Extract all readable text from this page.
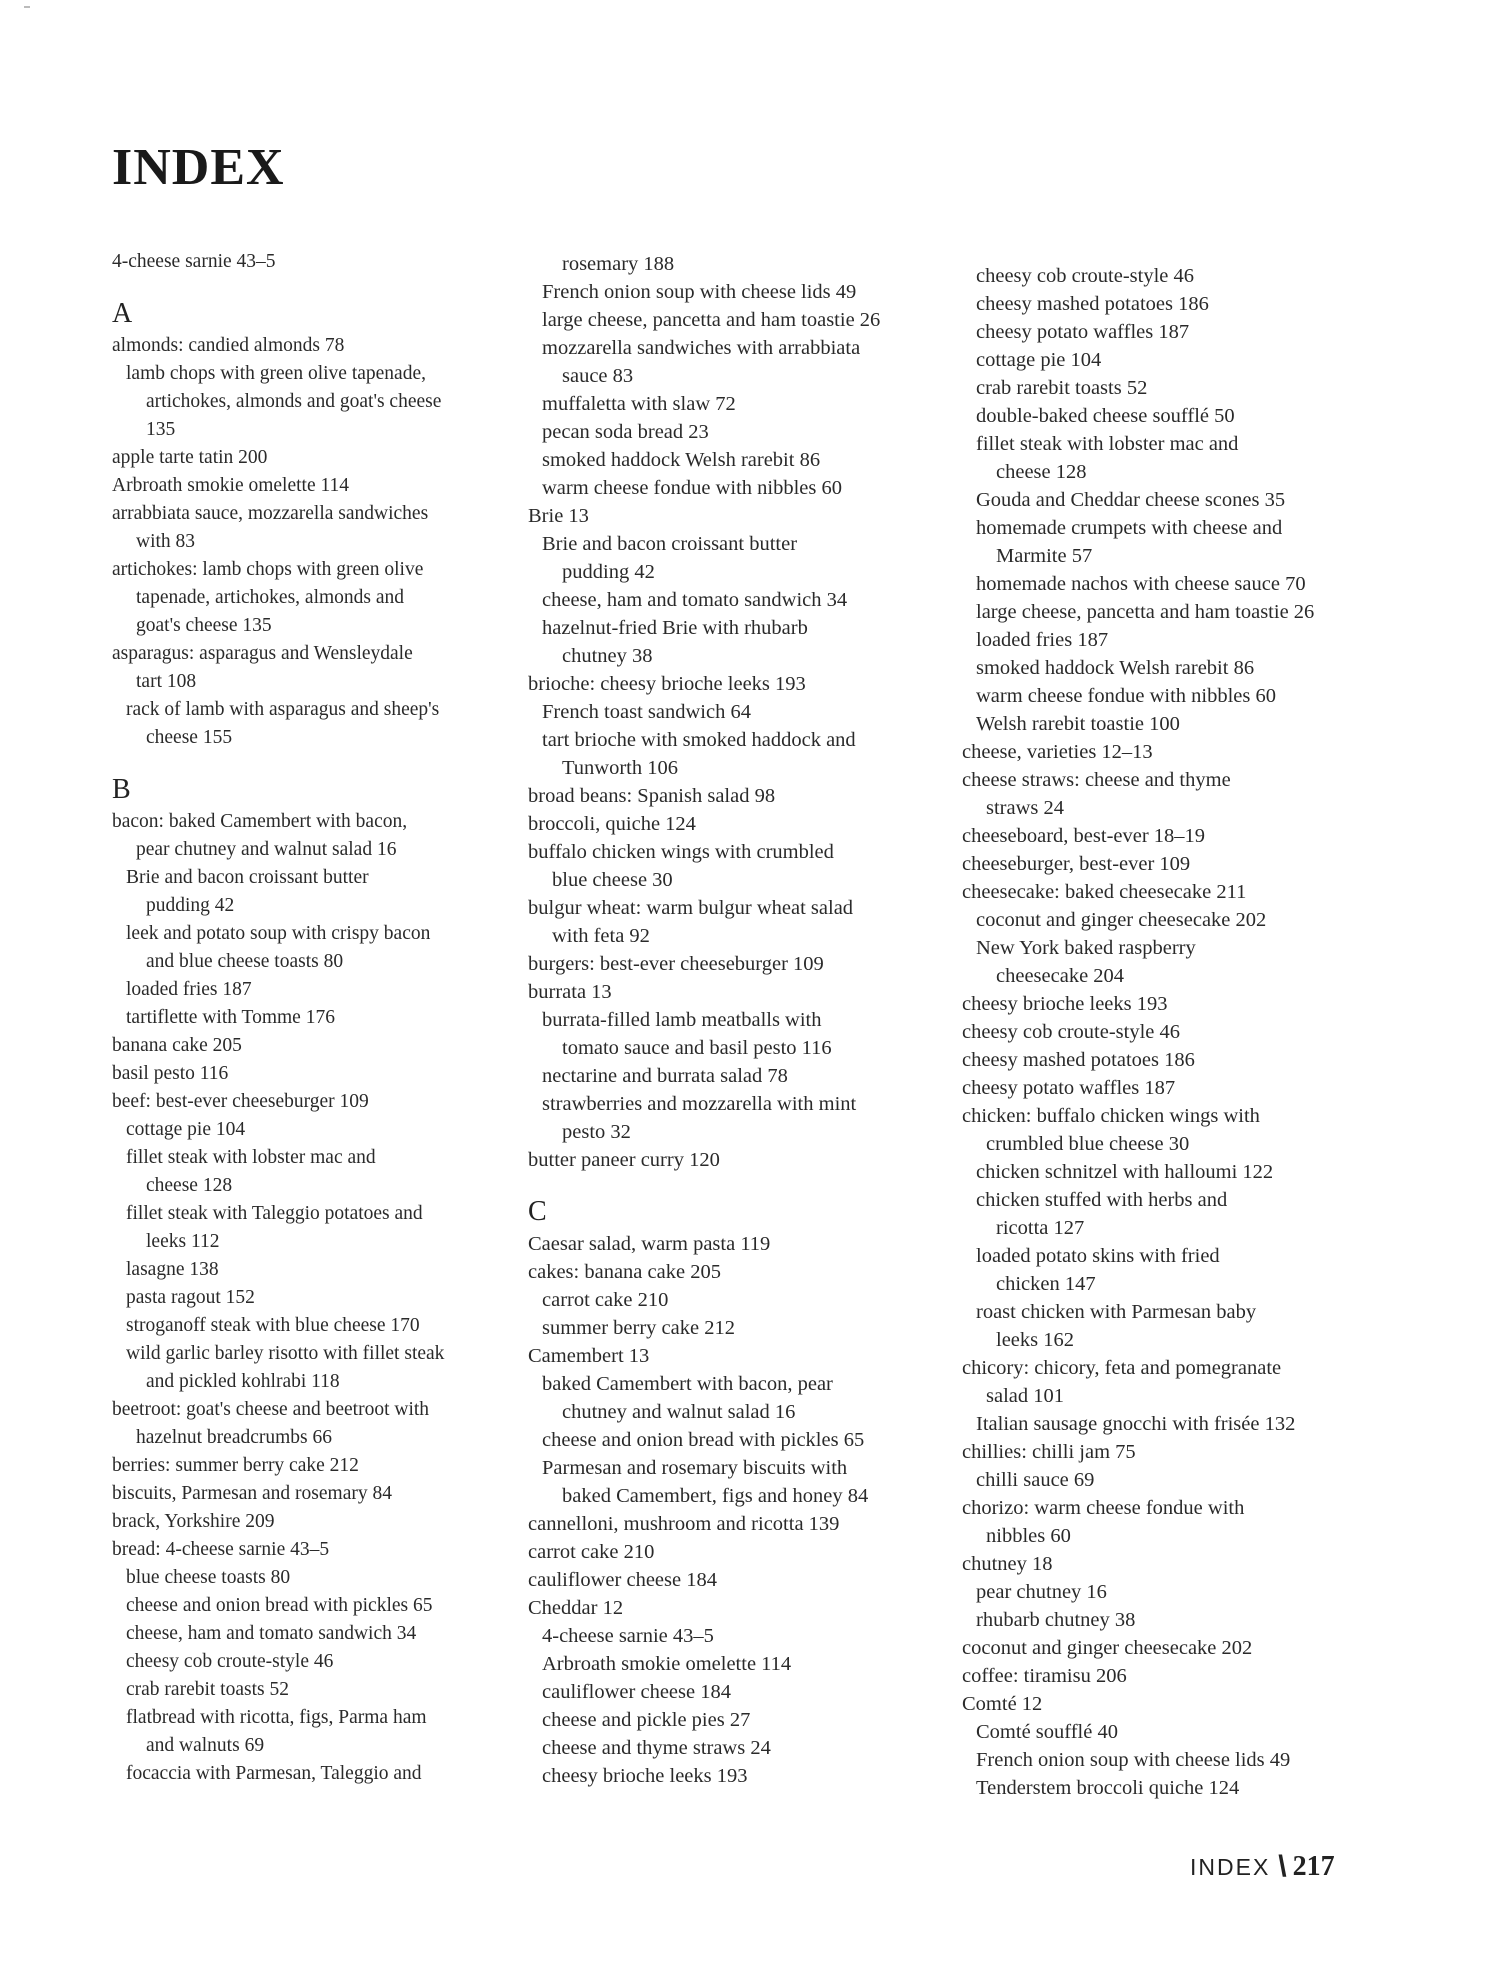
INDEX
4-cheese sarnie 43–5
A
almonds: candied almonds 78
lamb chops with green olive tapenade,
artichokes, almonds and goat's cheese
135
apple tarte tatin 200
Arbroath smokie omelette 114
arrabbiata sauce, mozzarella sandwiches
with 83
artichokes: lamb chops with green olive
tapenade, artichokes, almonds and
goat's cheese 135
asparagus: asparagus and Wensleydale
tart 108
rack of lamb with asparagus and sheep's
cheese 155
B
bacon: baked Camembert with bacon,
pear chutney and walnut salad 16
Brie and bacon croissant butter
pudding 42
leek and potato soup with crispy bacon
and blue cheese toasts 80
loaded fries 187
tartiflette with Tomme 176
banana cake 205
basil pesto 116
beef: best-ever cheeseburger 109
cottage pie 104
fillet steak with lobster mac and
cheese 128
fillet steak with Taleggio potatoes and
leeks 112
lasagne 138
pasta ragout 152
stroganoff steak with blue cheese 170
wild garlic barley risotto with fillet steak
and pickled kohlrabi 118
beetroot: goat's cheese and beetroot with
hazelnut breadcrumbs 66
berries: summer berry cake 212
biscuits, Parmesan and rosemary 84
brack, Yorkshire 209
bread: 4-cheese sarnie 43–5
blue cheese toasts 80
cheese and onion bread with pickles 65
cheese, ham and tomato sandwich 34
cheesy cob croute-style 46
crab rarebit toasts 52
flatbread with ricotta, figs, Parma ham
and walnuts 69
focaccia with Parmesan, Taleggio and
rosemary 188
French onion soup with cheese lids 49
large cheese, pancetta and ham toastie 26
mozzarella sandwiches with arrabbiata
sauce 83
muffaletta with slaw 72
pecan soda bread 23
smoked haddock Welsh rarebit 86
warm cheese fondue with nibbles 60
Brie 13
Brie and bacon croissant butter
pudding 42
cheese, ham and tomato sandwich 34
hazelnut-fried Brie with rhubarb
chutney 38
brioche: cheesy brioche leeks 193
French toast sandwich 64
tart brioche with smoked haddock and
Tunworth 106
broad beans: Spanish salad 98
broccoli, quiche 124
buffalo chicken wings with crumbled
blue cheese 30
bulgur wheat: warm bulgur wheat salad
with feta 92
burgers: best-ever cheeseburger 109
burrata 13
burrata-filled lamb meatballs with
tomato sauce and basil pesto 116
nectarine and burrata salad 78
strawberries and mozzarella with mint
pesto 32
butter paneer curry 120
C
Caesar salad, warm pasta 119
cakes: banana cake 205
carrot cake 210
summer berry cake 212
Camembert 13
baked Camembert with bacon, pear
chutney and walnut salad 16
cheese and onion bread with pickles 65
Parmesan and rosemary biscuits with
baked Camembert, figs and honey 84
cannelloni, mushroom and ricotta 139
carrot cake 210
cauliflower cheese 184
Cheddar 12
4-cheese sarnie 43–5
Arbroath smokie omelette 114
cauliflower cheese 184
cheese and pickle pies 27
cheese and thyme straws 24
cheesy brioche leeks 193
cheesy cob croute-style 46
cheesy mashed potatoes 186
cheesy potato waffles 187
cottage pie 104
crab rarebit toasts 52
double-baked cheese soufflé 50
fillet steak with lobster mac and
cheese 128
Gouda and Cheddar cheese scones 35
homemade crumpets with cheese and
Marmite 57
homemade nachos with cheese sauce 70
large cheese, pancetta and ham toastie 26
loaded fries 187
smoked haddock Welsh rarebit 86
warm cheese fondue with nibbles 60
Welsh rarebit toastie 100
cheese, varieties 12–13
cheese straws: cheese and thyme
straws 24
cheeseboard, best-ever 18–19
cheeseburger, best-ever 109
cheesecake: baked cheesecake 211
coconut and ginger cheesecake 202
New York baked raspberry
cheesecake 204
cheesy brioche leeks 193
cheesy cob croute-style 46
cheesy mashed potatoes 186
cheesy potato waffles 187
chicken: buffalo chicken wings with
crumbled blue cheese 30
chicken schnitzel with halloumi 122
chicken stuffed with herbs and
ricotta 127
loaded potato skins with fried
chicken 147
roast chicken with Parmesan baby
leeks 162
chicory: chicory, feta and pomegranate
salad 101
Italian sausage gnocchi with frisée 132
chillies: chilli jam 75
chilli sauce 69
chorizo: warm cheese fondue with
nibbles 60
chutney 18
pear chutney 16
rhubarb chutney 38
coconut and ginger cheesecake 202
coffee: tiramisu 206
Comté 12
Comté soufflé 40
French onion soup with cheese lids 49
Tenderstem broccoli quiche 124
INDEX \ 217
